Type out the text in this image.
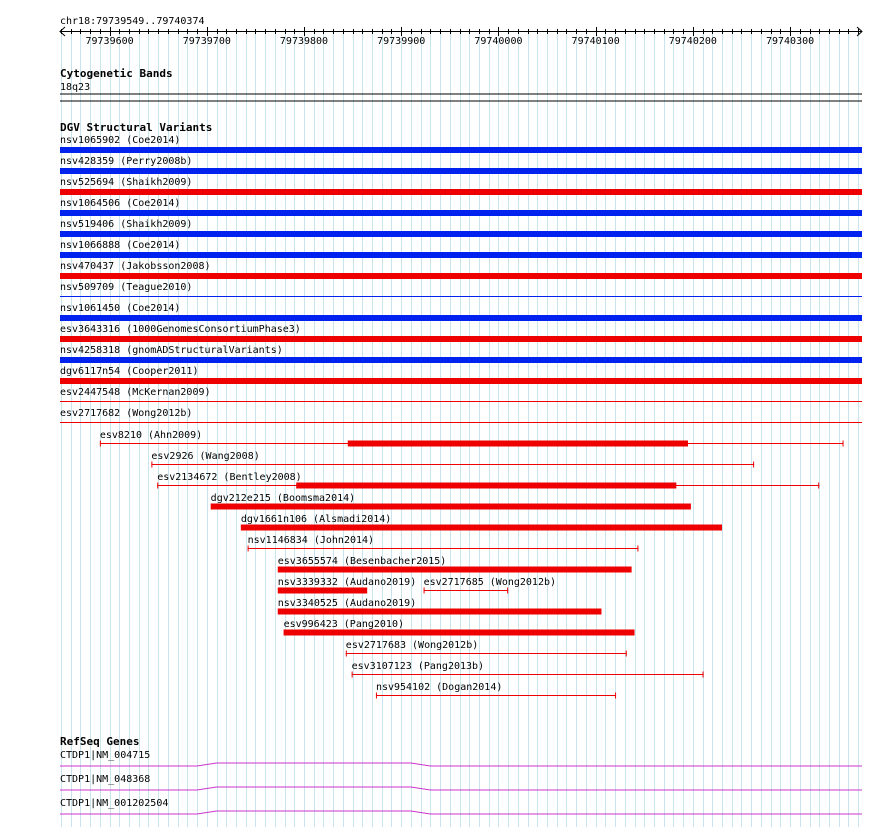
chr18:79739549..79740374
79739600	79739700	79739800	79739900	79740000	79740100	79740200	79740300
Cytogenetic Bands
18q23
DGV Structural Variants
nsv1065902 (Coe2014)
nsv428359 (Perry2008b)
nsv525694 (Shaikh2009)
nsv1064506 (Coe2014)
nsv519406 (Shaikh2009)
nsv1066888 (Coe2014)
nsv470437 (Jakobsson2008)
nsv509709 (Teague2010)
nsv1061450 (Coe2014)
esv3643316 (1000GenomesConsortiumPhase3)
nsv4258318 (gnomADStructuralVariants)
dgv6117n54 (Cooper2011)
esv2447548 (McKernan2009)
esv2717682 (Wong2012b)
esv8210 (Ahn2009)
esv2926 (Wang2008)
esv2134672 (Bentley2008)
dgv212e215 (Boomsma2014)
dgv1661n106 (Alsmadi2014)
nsv1146834 (John2014)
esv3655574 (Besenbacher2015)
nsv3339332 (Audano2019) esv2717685 (Wong2012b)
nsv3340525 (Audano2019)
esv996423 (Pang2010)
esv2717683 (Wong2012b)
esv3107123 (Pang2013b)
nsv954102 (Dogan2014)
RefSeq Genes
CTDP1|NM_004715
CTDP1|NM_048368
CTDP1|NM_001202504
